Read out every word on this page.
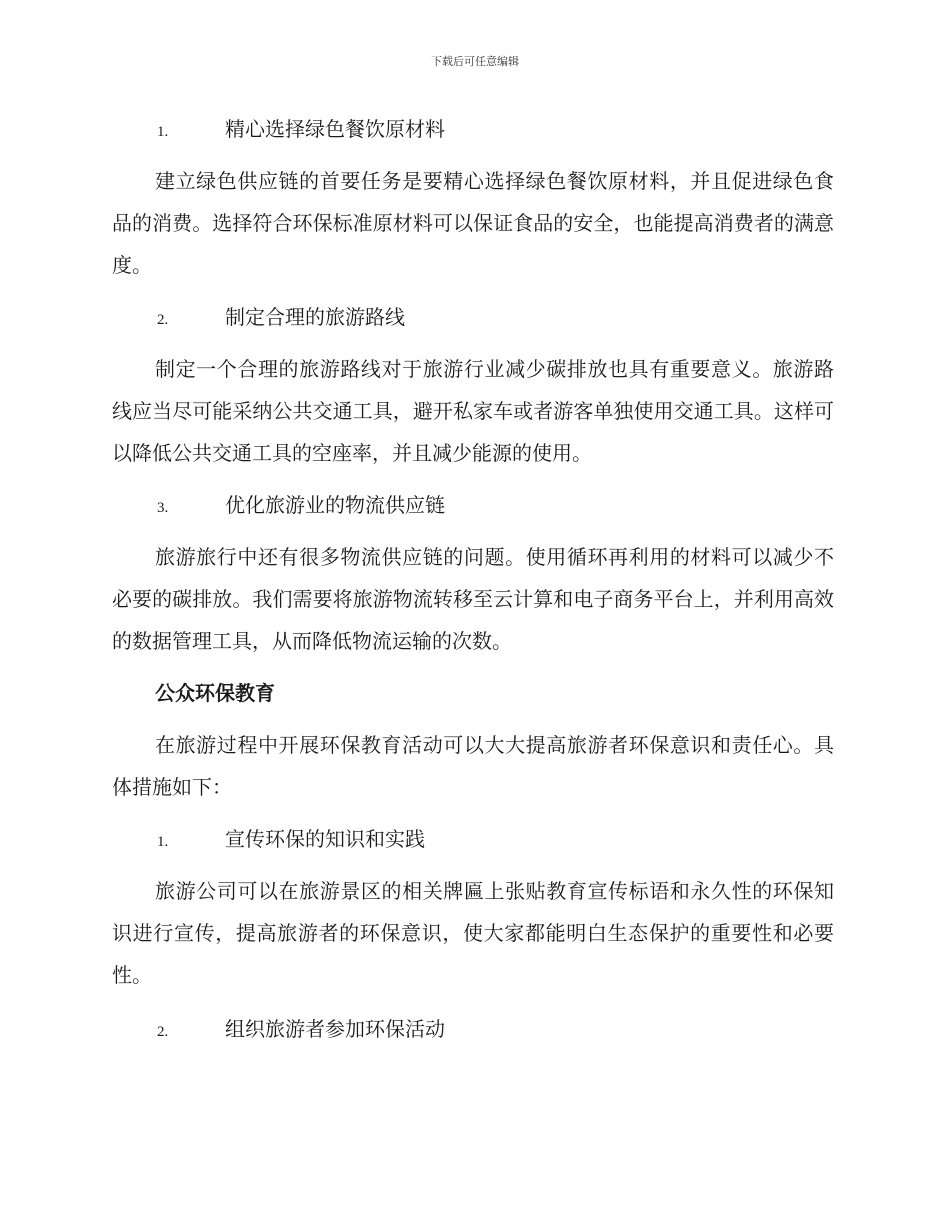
下载后可任意编辑
1.	精心选择绿色餐饮原材料

建立绿色供应链的首要任务是要精心选择绿色餐饮原材料，并且促进绿色食品的消费。选择符合环保标准原材料可以保证食品的安全，也能提高消费者的满意度。

2.	制定合理的旅游路线

制定一个合理的旅游路线对于旅游行业减少碳排放也具有重要意义。旅游路线应当尽可能采纳公共交通工具，避开私家车或者游客单独使用交通工具。这样可以降低公共交通工具的空座率，并且减少能源的使用。

3.	优化旅游业的物流供应链

旅游旅行中还有很多物流供应链的问题。使用循环再利用的材料可以减少不必要的碳排放。我们需要将旅游物流转移至云计算和电子商务平台上，并利用高效的数据管理工具，从而降低物流运输的次数。

公众环保教育

在旅游过程中开展环保教育活动可以大大提高旅游者环保意识和责任心。具体措施如下：

1.	宣传环保的知识和实践

旅游公司可以在旅游景区的相关牌匾上张贴教育宣传标语和永久性的环保知识进行宣传，提高旅游者的环保意识，使大家都能明白生态保护的重要性和必要性。

2.	组织旅游者参加环保活动
